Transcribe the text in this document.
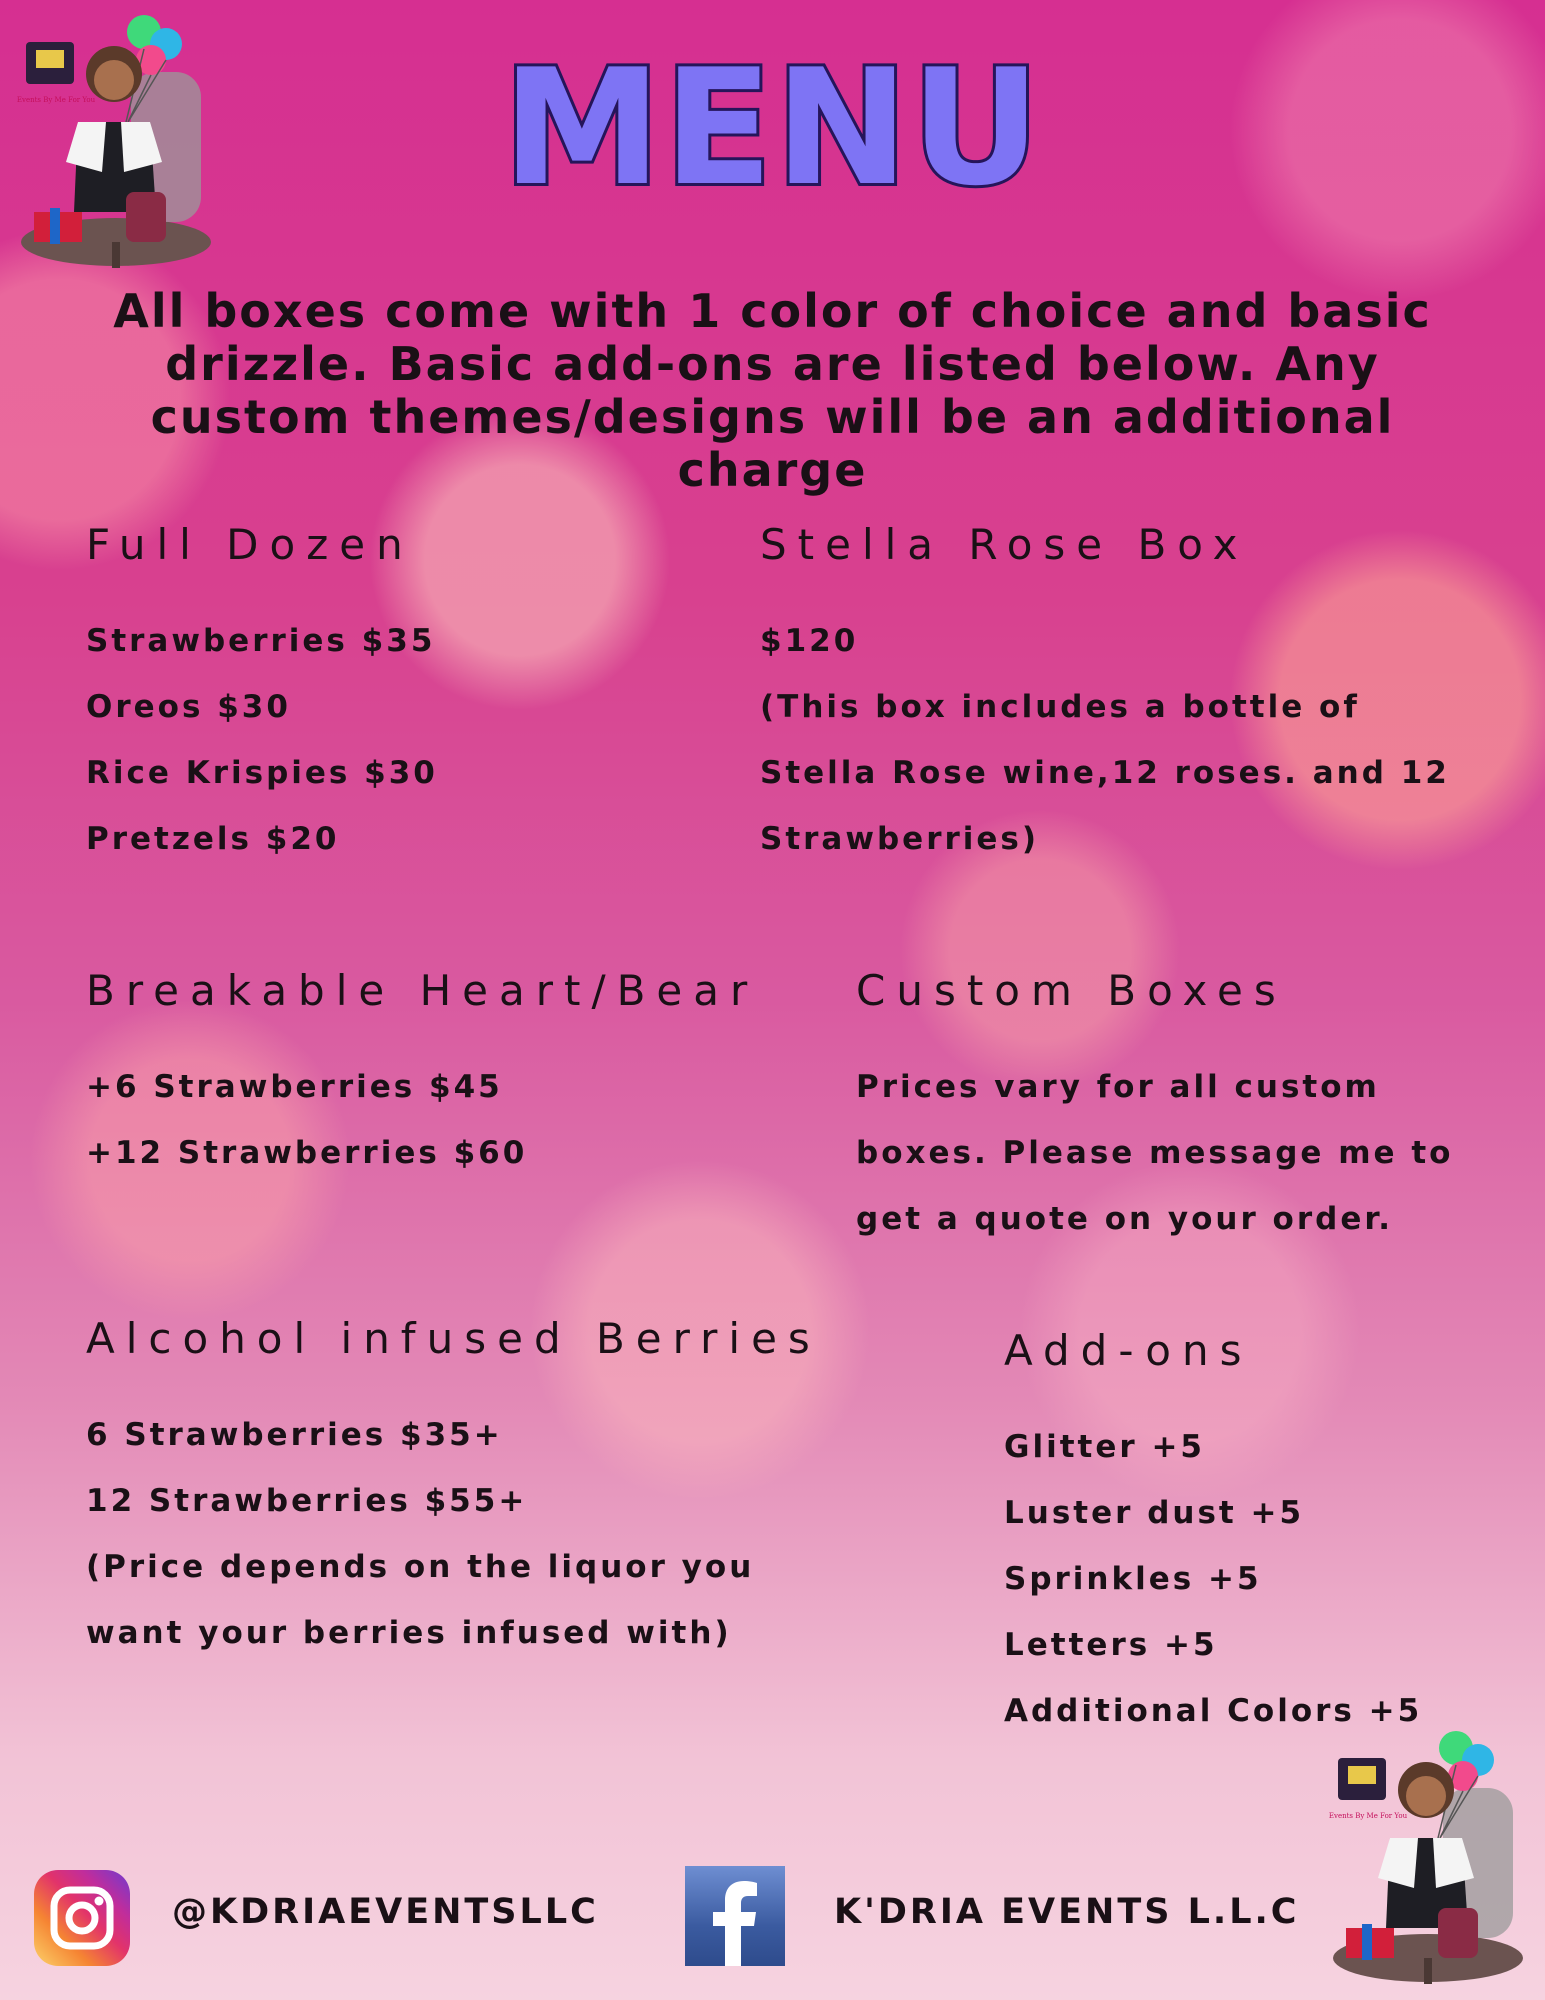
Events By Me For You	MENU
All boxes come with 1 color of choice and basic drizzle. Basic add-ons are listed below. Any custom themes/designs will be an additional charge
Full Dozen
Strawberries $35
Oreos $30
Rice Krispies $30
Pretzels $20
Stella Rose Box
$120
(This box includes a bottle of
Stella Rose wine,12 roses. and 12
Strawberries)
Breakable Heart/Bear
+6 Strawberries $45
+12 Strawberries $60
Custom Boxes
Prices vary for all custom
boxes. Please message me to
get a quote on your order.
Alcohol infused Berries
6 Strawberries $35+
12 Strawberries $55+
(Price depends on the liquor you
want your berries infused with)
Add-ons
Glitter +5
Luster dust +5
Sprinkles +5
Letters +5
Additional Colors +5
Events By Me For You
@KDRIAEVENTSLLC	K'DRIA EVENTS L.L.C
